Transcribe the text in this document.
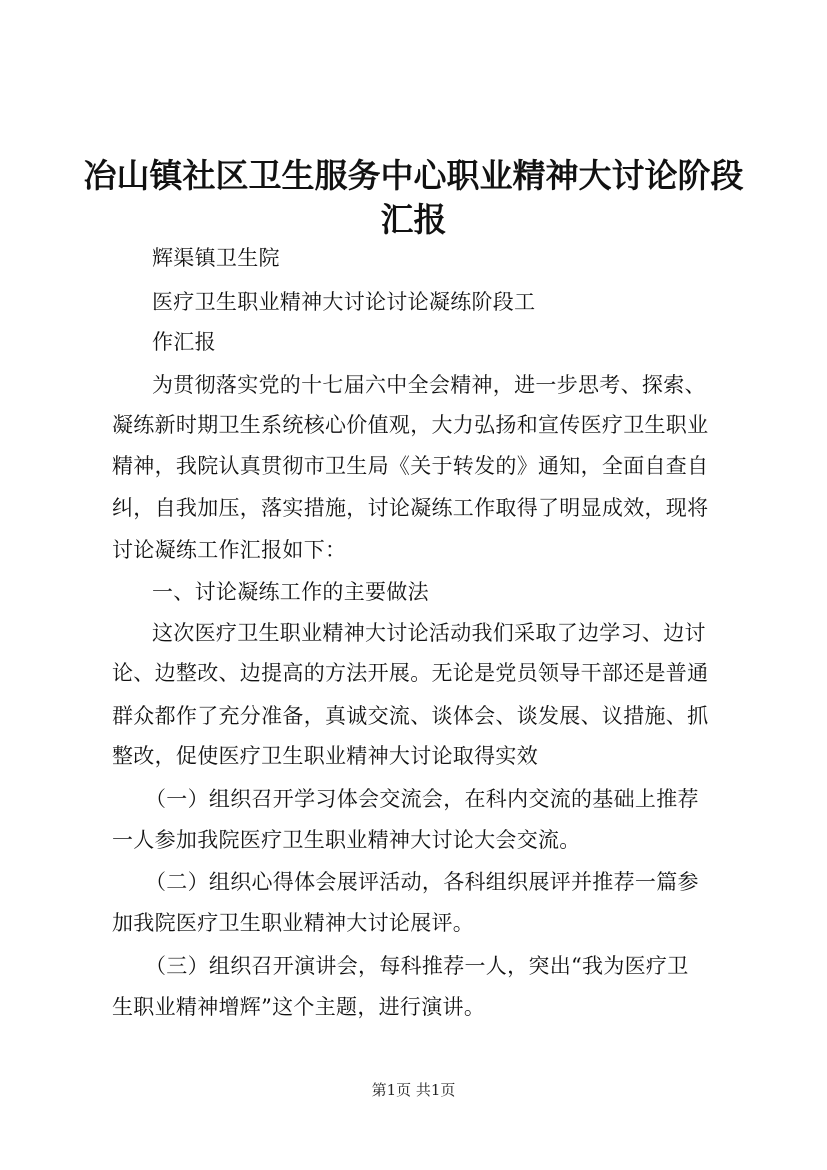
冶山镇社区卫生服务中心职业精神大讨论阶段
汇报
辉渠镇卫生院
医疗卫生职业精神大讨论讨论凝练阶段工
作汇报
为贯彻落实党的十七届六中全会精神，进一步思考、探索、
凝练新时期卫生系统核心价值观，大力弘扬和宣传医疗卫生职业
精神，我院认真贯彻市卫生局《关于转发的》通知，全面自查自
纠，自我加压，落实措施，讨论凝练工作取得了明显成效，现将
讨论凝练工作汇报如下：
一、讨论凝练工作的主要做法
这次医疗卫生职业精神大讨论活动我们采取了边学习、边讨
论、边整改、边提高的方法开展。无论是党员领导干部还是普通
群众都作了充分准备，真诚交流、谈体会、谈发展、议措施、抓
整改，促使医疗卫生职业精神大讨论取得实效
（一）组织召开学习体会交流会，在科内交流的基础上推荐
一人参加我院医疗卫生职业精神大讨论大会交流。
（二）组织心得体会展评活动，各科组织展评并推荐一篇参
加我院医疗卫生职业精神大讨论展评。
（三）组织召开演讲会，每科推荐一人，突出“我为医疗卫
生职业精神增辉”这个主题，进行演讲。
第1页 共1页
